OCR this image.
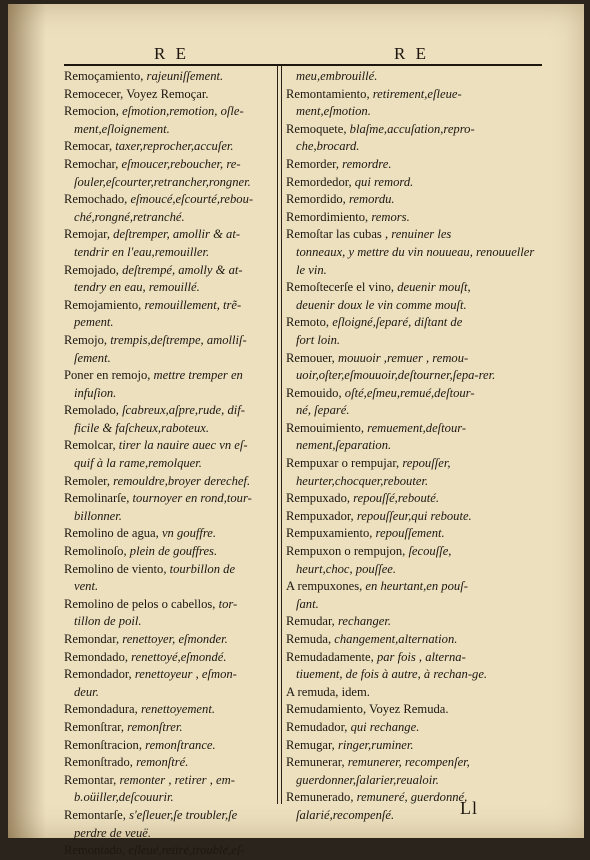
R E	R E

Remoçamiento, rajeuniſſement.

Remocecer, Voyez Remoçar.

Remocion, eſmotion,remotion, oſle-
ment,eſloignement.

Remocar, taxer,reprocher,accuſer.

Remochar, eſmoucer,reboucher, re-
ſouler,eſcourter,retrancher,rongner.

Remochado, eſmoucé,eſcourté,rebou-
ché,rongné,retranché.

Remojar, deſtremper, amollir & at-
tendrir en l'eau,remouiller.

Remojado, deſtrempé, amolly & at-
tendry en eau, remouillé.

Remojamiento, remouillement, trẽ-
pement.

Remojo, trempis,deſtrempe, amolliſ-
ſement.

Poner en remojo, mettre tremper en
infuſion.

Remolado, ſcabreux,aſpre,rude, dif-
ficile & faſcheux,raboteux.

Remolcar, tirer la nauire auec vn eſ-
quif à la rame,remolquer.

Remoler, remouldre,broyer derechef.

Remolinarſe, tournoyer en rond,tour-
billonner.

Remolino de agua, vn gouffre.

Remolinoſo, plein de gouffres.

Remolino de viento, tourbillon de
vent.

Remolino de pelos o cabellos, tor-
tillon de poil.

Remondar, renettoyer, eſmonder.

Remondado, renettoyé,eſmondé.

Remondador, renettoyeur , eſmon-
deur.

Remondadura, renettoyement.

Remonſtrar, remonſtrer.

Remonſtracion, remonſtrance.

Remonſtrado, remonſtré.

Remontar, remonter , retirer , em-
b.oüiller,deſcouurir.

Remontarſe, s'eſleuer,ſe troubler,ſe
perdre de veuë.

Remontado, eſleué,retiré,troublé,eſ-

meu,embrouillé.

Remontamiento, retirement,eſleue-
ment,eſmotion.

Remoquete, blaſme,accuſation,repro-
che,brocard.

Remorder, remordre.

Remordedor, qui remord.

Remordido, remordu.

Remordimiento, remors.

Remoſtar las cubas , renuiner les
tonneaux, y mettre du vin nouueau, renouueller le vin.

Remoſtecerſe el vino, deuenir mouſt,
deuenir doux le vin comme mouſt.

Remoto, eſloigné,ſeparé, diſtant de
fort loin.

Remouer, mouuoir ,remuer , remou-
uoir,oſter,eſmouuoir,deſtourner,ſepa-rer.

Remouido, oſté,eſmeu,remué,deſtour-
né, ſeparé.

Remouimiento, remuement,deſtour-
nement,ſeparation.

Rempuxar o rempujar, repouſſer,
heurter,chocquer,rebouter.

Rempuxado, repouſſé,rebouté.

Rempuxador, repouſſeur,qui reboute.

Rempuxamiento, repouſſement.

Rempuxon o rempujon, ſecouſſe,
heurt,choc, pouſſee.

A rempuxones, en heurtant,en pouſ-
ſant.

Remudar, rechanger.

Remuda, changement,alternation.

Remudadamente, par fois , alterna-
tiuement, de fois à autre, à rechan-ge.

A remuda, idem.

Remudamiento, Voyez Remuda.

Remudador, qui rechange.

Remugar, ringer,ruminer.

Remunerar, remunerer, recompenſer,
guerdonner,ſalarier,reualoir.

Remunerado, remuneré, guerdonné,
ſalarié,recompenſé.	Ll
